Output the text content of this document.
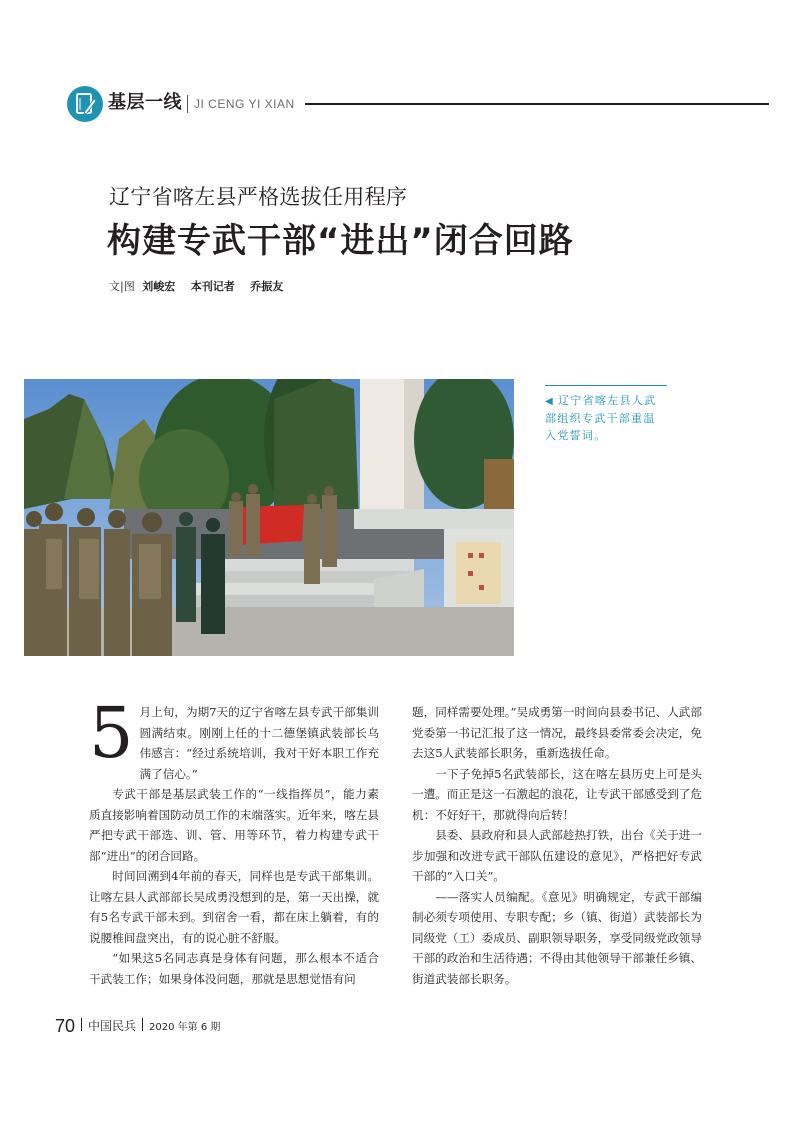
基层一线 JI CENG YI XIAN
辽宁省喀左县严格选拔任用程序
构建专武干部“进出”闭合回路
文|图 刘峻宏 本刊记者 乔振友
◀ 辽宁省喀左县人武部组织专武干部重温入党誓词。

5 月上旬，为期7天的辽宁省喀左县专武干部集训圆满结束。刚刚上任的十二德堡镇武装部长乌伟感言：“经过系统培训，我对干好本职工作充满了信心。”

专武干部是基层武装工作的“一线指挥员”，能力素质直接影响着国防动员工作的末端落实。近年来，喀左县严把专武干部选、训、管、用等环节，着力构建专武干部“进出”的闭合回路。

时间回溯到4年前的春天，同样也是专武干部集训。让喀左县人武部部长吴成勇没想到的是，第一天出操，就有5名专武干部未到。到宿舍一看，都在床上躺着，有的说腰椎间盘突出，有的说心脏不舒服。

“如果这5名同志真是身体有问题，那么根本不适合干武装工作；如果身体没问题，那就是思想觉悟有问

题，同样需要处理。”吴成勇第一时间向县委书记、人武部党委第一书记汇报了这一情况，最终县委常委会决定，免去这5人武装部长职务，重新选拔任命。

一下子免掉5名武装部长，这在喀左县历史上可是头一遭。而正是这一石激起的浪花，让专武干部感受到了危机：不好好干，那就得向后转！

县委、县政府和县人武部趁热打铁，出台《关于进一步加强和改进专武干部队伍建设的意见》，严格把好专武干部的“入口关”。

——落实人员编配。《意见》明确规定，专武干部编制必须专项使用、专职专配；乡（镇、街道）武装部长为同级党（工）委成员、副职领导职务，享受同级党政领导干部的政治和生活待遇；不得由其他领导干部兼任乡镇、街道武装部长职务。

70 中国民兵 2020 年第 6 期
